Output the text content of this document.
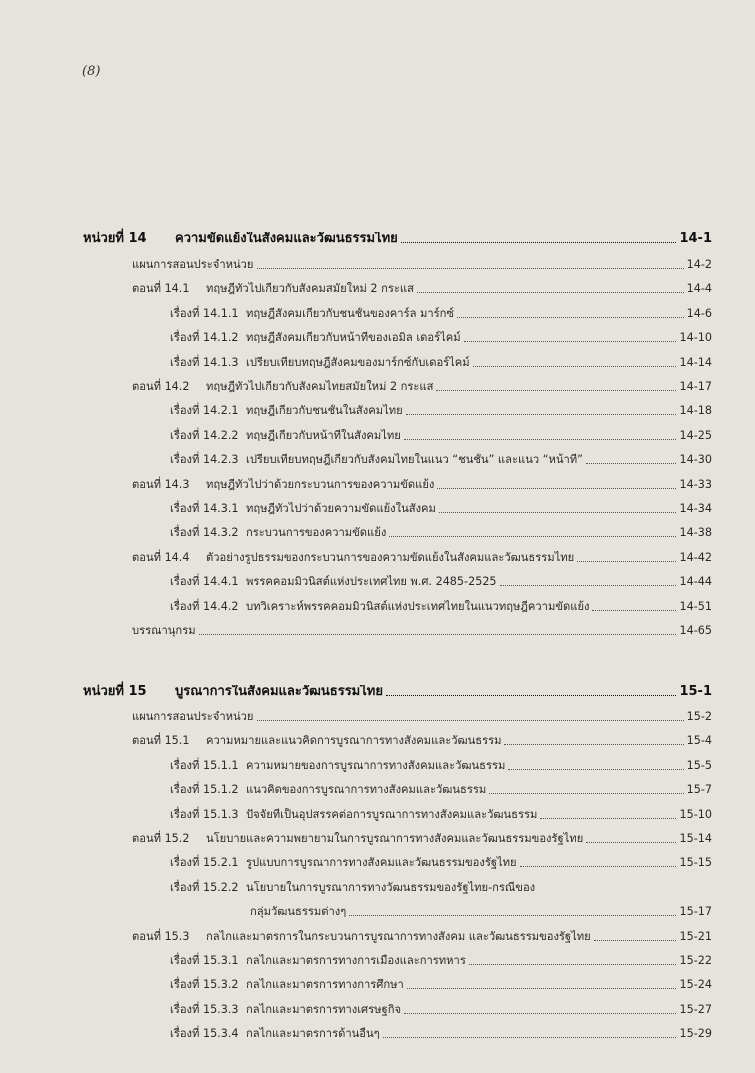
(8)
หน่วยที่ 14	ความขัดแย้งในสังคมและวัฒนธรรมไทย	14-1
แผนการสอนประจำหน่วย	14-2
ตอนที่ 14.1	ทฤษฎีทั่วไปเกี่ยวกับสังคมสมัยใหม่ 2 กระแส	14-4
เรื่องที่ 14.1.1 ทฤษฎีสังคมเกี่ยวกับชนชั้นของคาร์ล มาร์กซ์	14-6
เรื่องที่ 14.1.2 ทฤษฎีสังคมเกี่ยวกับหน้าที่ของเอมิล เดอร์ไคม์	14-10
เรื่องที่ 14.1.3 เปรียบเทียบทฤษฎีสังคมของมาร์กซ์กับเดอร์ไคม์	14-14
ตอนที่ 14.2	ทฤษฎีทั่วไปเกี่ยวกับสังคมไทยสมัยใหม่ 2 กระแส	14-17
เรื่องที่ 14.2.1 ทฤษฎีเกี่ยวกับชนชั้นในสังคมไทย	14-18
เรื่องที่ 14.2.2 ทฤษฎีเกี่ยวกับหน้าที่ในสังคมไทย	14-25
เรื่องที่ 14.2.3 เปรียบเทียบทฤษฎีเกี่ยวกับสังคมไทยในแนว “ชนชั้น” และแนว “หน้าที่”	14-30
ตอนที่ 14.3	ทฤษฎีทั่วไปว่าด้วยกระบวนการของความขัดแย้ง	14-33
เรื่องที่ 14.3.1 ทฤษฎีทั่วไปว่าด้วยความขัดแย้งในสังคม	14-34
เรื่องที่ 14.3.2 กระบวนการของความขัดแย้ง	14-38
ตอนที่ 14.4	ตัวอย่างรูปธรรมของกระบวนการของความขัดแย้งในสังคมและวัฒนธรรมไทย	14-42
เรื่องที่ 14.4.1 พรรคคอมมิวนิสต์แห่งประเทศไทย พ.ศ. 2485-2525	14-44
เรื่องที่ 14.4.2 บทวิเคราะห์พรรคคอมมิวนิสต์แห่งประเทศไทยในแนวทฤษฎีความขัดแย้ง	14-51
บรรณานุกรม	14-65
หน่วยที่ 15	บูรณาการในสังคมและวัฒนธรรมไทย	15-1
แผนการสอนประจำหน่วย	15-2
ตอนที่ 15.1	ความหมายและแนวคิดการบูรณาการทางสังคมและวัฒนธรรม	15-4
เรื่องที่ 15.1.1 ความหมายของการบูรณาการทางสังคมและวัฒนธรรม	15-5
เรื่องที่ 15.1.2 แนวคิดของการบูรณาการทางสังคมและวัฒนธรรม	15-7
เรื่องที่ 15.1.3 ปัจจัยที่เป็นอุปสรรคต่อการบูรณาการทางสังคมและวัฒนธรรม	15-10
ตอนที่ 15.2	นโยบายและความพยายามในการบูรณาการทางสังคมและวัฒนธรรมของรัฐไทย	15-14
เรื่องที่ 15.2.1 รูปแบบการบูรณาการทางสังคมและวัฒนธรรมของรัฐไทย	15-15
เรื่องที่ 15.2.2 นโยบายในการบูรณาการทางวัฒนธรรมของรัฐไทย-กรณีของ
กลุ่มวัฒนธรรมต่างๆ	15-17
ตอนที่ 15.3	กลไกและมาตรการในกระบวนการบูรณาการทางสังคม และวัฒนธรรมของรัฐไทย	15-21
เรื่องที่ 15.3.1 กลไกและมาตรการทางการเมืองและการทหาร	15-22
เรื่องที่ 15.3.2 กลไกและมาตรการทางการศึกษา	15-24
เรื่องที่ 15.3.3 กลไกและมาตรการทางเศรษฐกิจ	15-27
เรื่องที่ 15.3.4 กลไกและมาตรการด้านอื่นๆ	15-29
